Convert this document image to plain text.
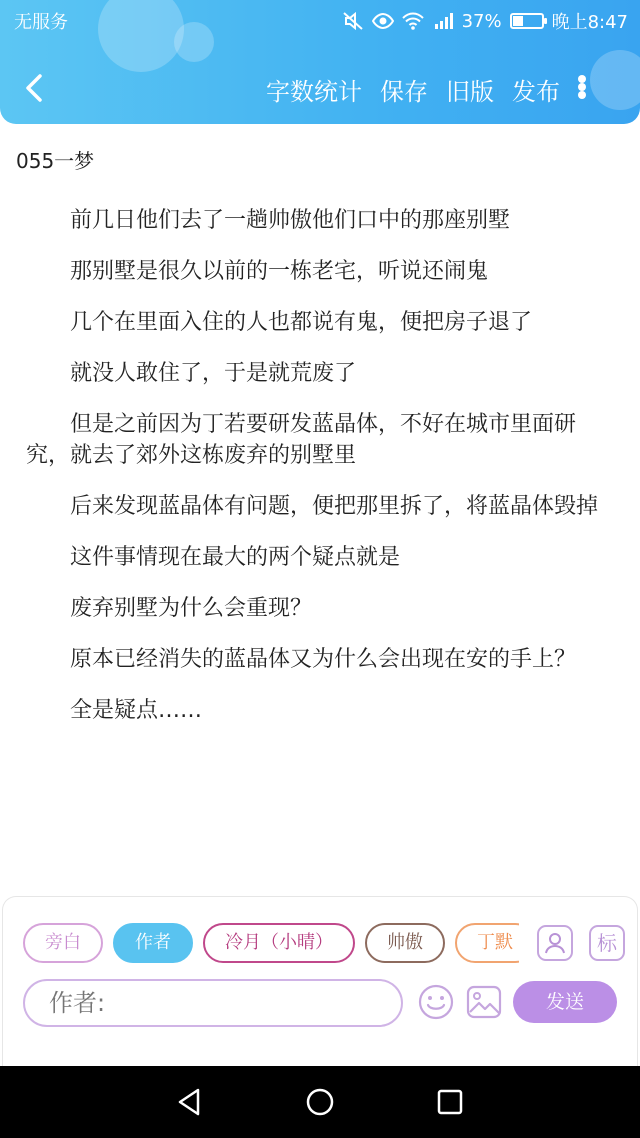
无服务	37%	晚上8:47
字数统计 保存 旧版 发布
055一梦

前几日他们去了一趟帅傲他们口中的那座别墅

那别墅是很久以前的一栋老宅，听说还闹鬼

几个在里面入住的人也都说有鬼，便把房子退了

就没人敢住了，于是就荒废了

但是之前因为丁若要研发蓝晶体，不好在城市里面研究，就去了郊外这栋废弃的别墅里

后来发现蓝晶体有问题，便把那里拆了，将蓝晶体毁掉

这件事情现在最大的两个疑点就是

废弃别墅为什么会重现？

原本已经消失的蓝晶体又为什么会出现在安的手上？

全是疑点……

旁白	作者	冷月（小晴）	帅傲	丁默	标
作者:
发送
